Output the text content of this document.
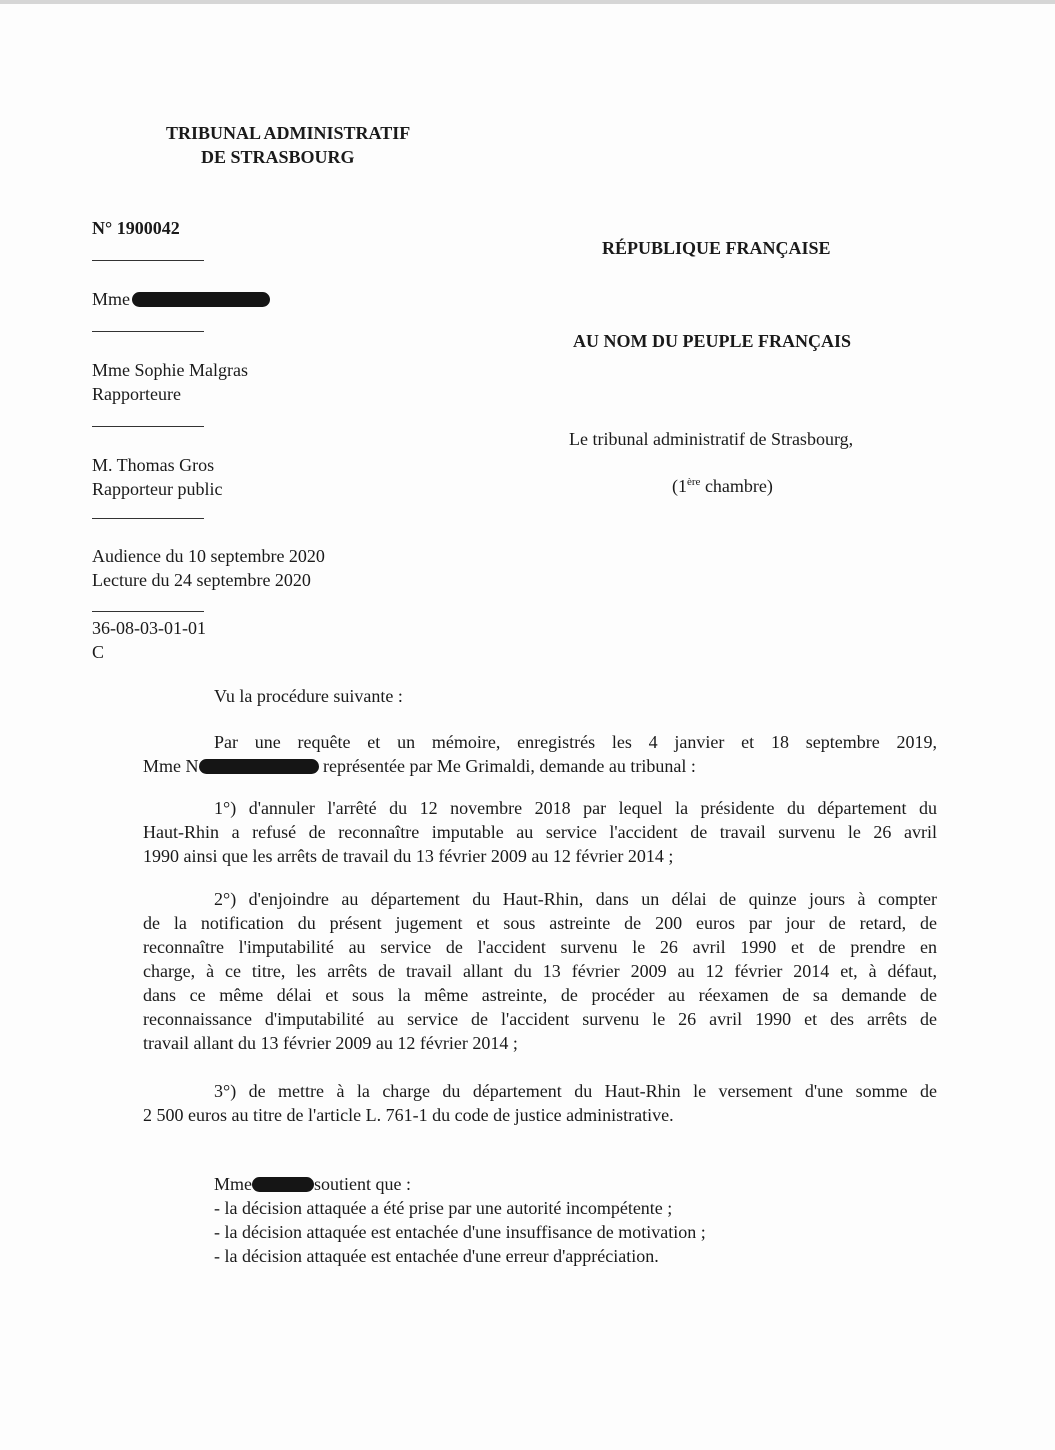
TRIBUNAL ADMINISTRATIF
DE STRASBOURG
N° 1900042
RÉPUBLIQUE FRANÇAISE
AU NOM DU PEUPLE FRANÇAIS
Le tribunal administratif de Strasbourg,
(1ère chambre)
Mme
Mme Sophie Malgras
Rapporteure
M. Thomas Gros
Rapporteur public
Audience du 10 septembre 2020
Lecture du 24 septembre 2020
36-08-03-01-01
C
Vu la procédure suivante :
Par une requête et un mémoire, enregistrés les 4 janvier et 18 septembre 2019,
Mme N	représentée par Me Grimaldi, demande au tribunal :
1°) d'annuler l'arrêté du 12 novembre 2018 par lequel la présidente du département du
Haut-Rhin a refusé de reconnaître imputable au service l'accident de travail survenu le 26 avril
1990 ainsi que les arrêts de travail du 13 février 2009 au 12 février 2014 ;
2°) d'enjoindre au département du Haut-Rhin, dans un délai de quinze jours à compter
de la notification du présent jugement et sous astreinte de 200 euros par jour de retard, de
reconnaître l'imputabilité au service de l'accident survenu le 26 avril 1990 et de prendre en
charge, à ce titre, les arrêts de travail allant du 13 février 2009 au 12 février 2014 et, à défaut,
dans ce même délai et sous la même astreinte, de procéder au réexamen de sa demande de
reconnaissance d'imputabilité au service de l'accident survenu le 26 avril 1990 et des arrêts de
travail allant du 13 février 2009 au 12 février 2014 ;
3°) de mettre à la charge du département du Haut-Rhin le versement d'une somme de
2 500 euros au titre de l'article L. 761-1 du code de justice administrative.
Mme	soutient que :
- la décision attaquée a été prise par une autorité incompétente ;
- la décision attaquée est entachée d'une insuffisance de motivation ;
- la décision attaquée est entachée d'une erreur d'appréciation.
